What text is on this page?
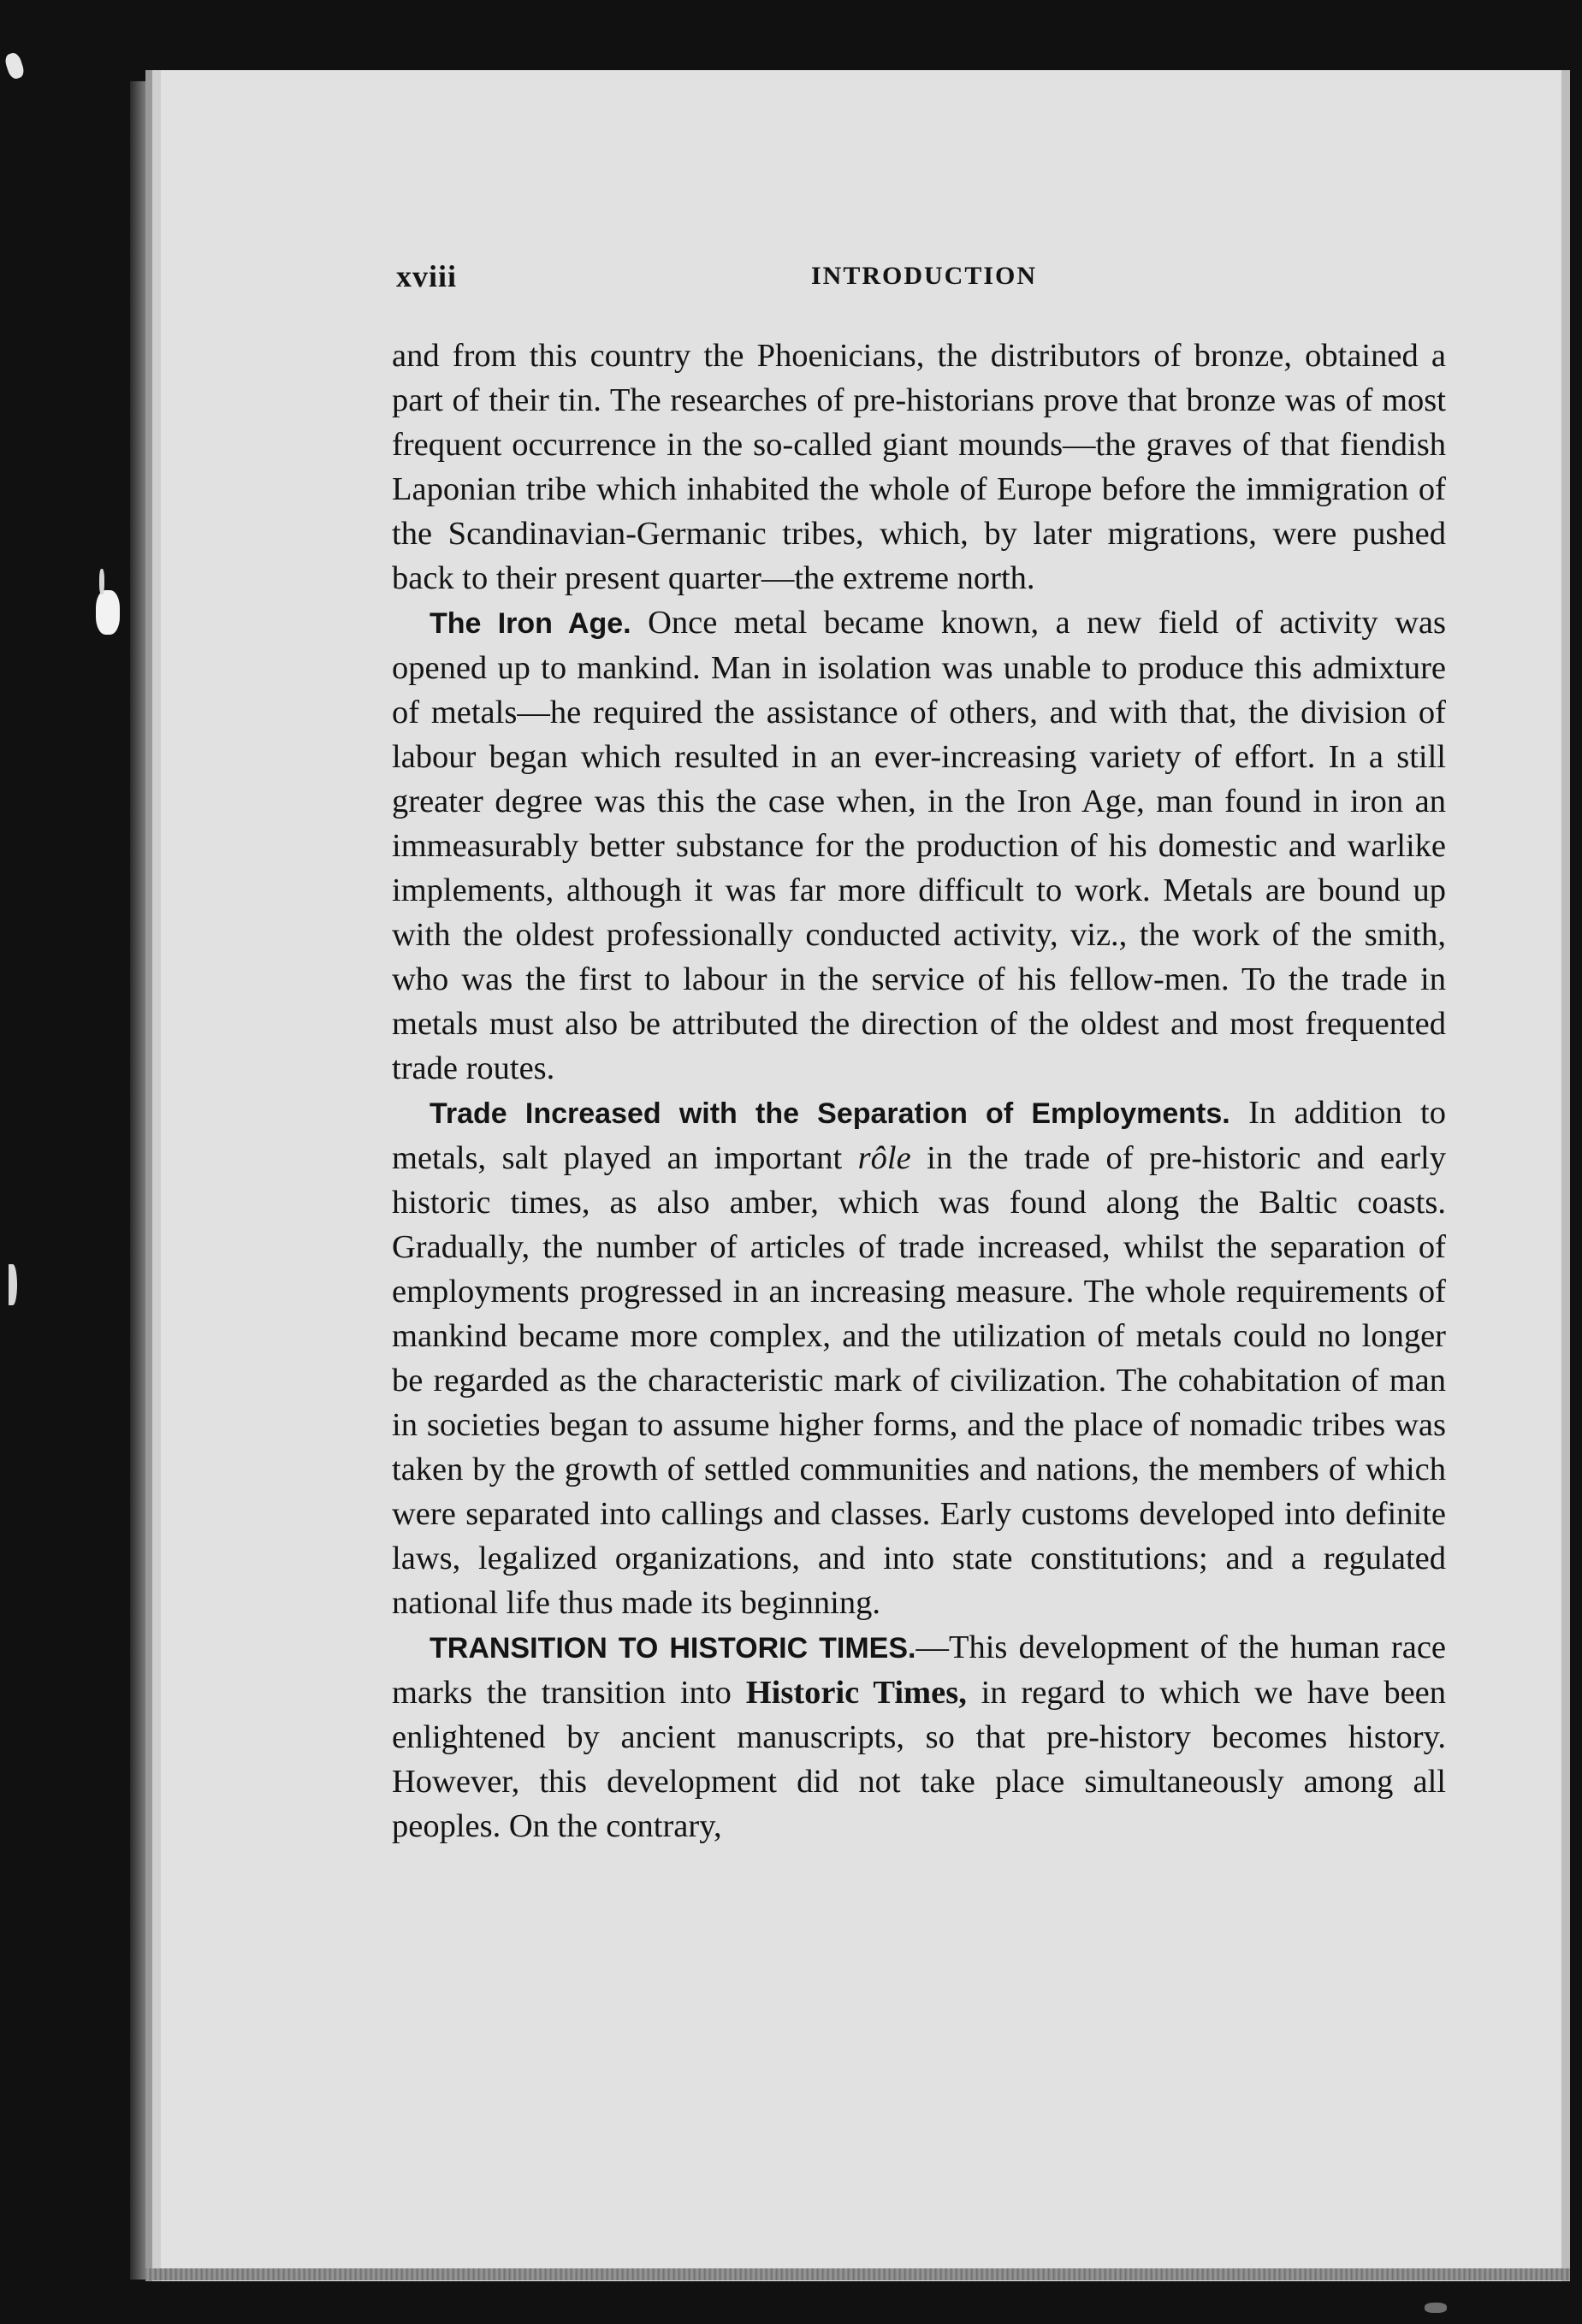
xviii	INTRODUCTION

and from this country the Phoenicians, the distributors of bronze, obtained a part of their tin. The researches of pre-historians prove that bronze was of most frequent occurrence in the so-called giant mounds—the graves of that fiendish Laponian tribe which inhabited the whole of Europe before the immigration of the Scandinavian-Germanic tribes, which, by later migrations, were pushed back to their present quarter—the extreme north.

The Iron Age. Once metal became known, a new field of activity was opened up to mankind. Man in isolation was unable to produce this admixture of metals—he required the assistance of others, and with that, the division of labour began which resulted in an ever-increasing variety of effort. In a still greater degree was this the case when, in the Iron Age, man found in iron an immeasurably better substance for the production of his domestic and warlike implements, although it was far more difficult to work. Metals are bound up with the oldest professionally conducted activity, viz., the work of the smith, who was the first to labour in the service of his fellow-men. To the trade in metals must also be attributed the direction of the oldest and most frequented trade routes.

Trade Increased with the Separation of Employments. In addition to metals, salt played an important rôle in the trade of pre-historic and early historic times, as also amber, which was found along the Baltic coasts. Gradually, the number of articles of trade increased, whilst the separation of employments progressed in an increasing measure. The whole requirements of mankind became more complex, and the utilization of metals could no longer be regarded as the characteristic mark of civilization. The cohabitation of man in societies began to assume higher forms, and the place of nomadic tribes was taken by the growth of settled communities and nations, the members of which were separated into callings and classes. Early customs developed into definite laws, legalized organizations, and into state constitutions; and a regulated national life thus made its beginning.

TRANSITION TO HISTORIC TIMES.—This development of the human race marks the transition into Historic Times, in regard to which we have been enlightened by ancient manuscripts, so that pre-history becomes history. However, this development did not take place simultaneously among all peoples. On the contrary,
